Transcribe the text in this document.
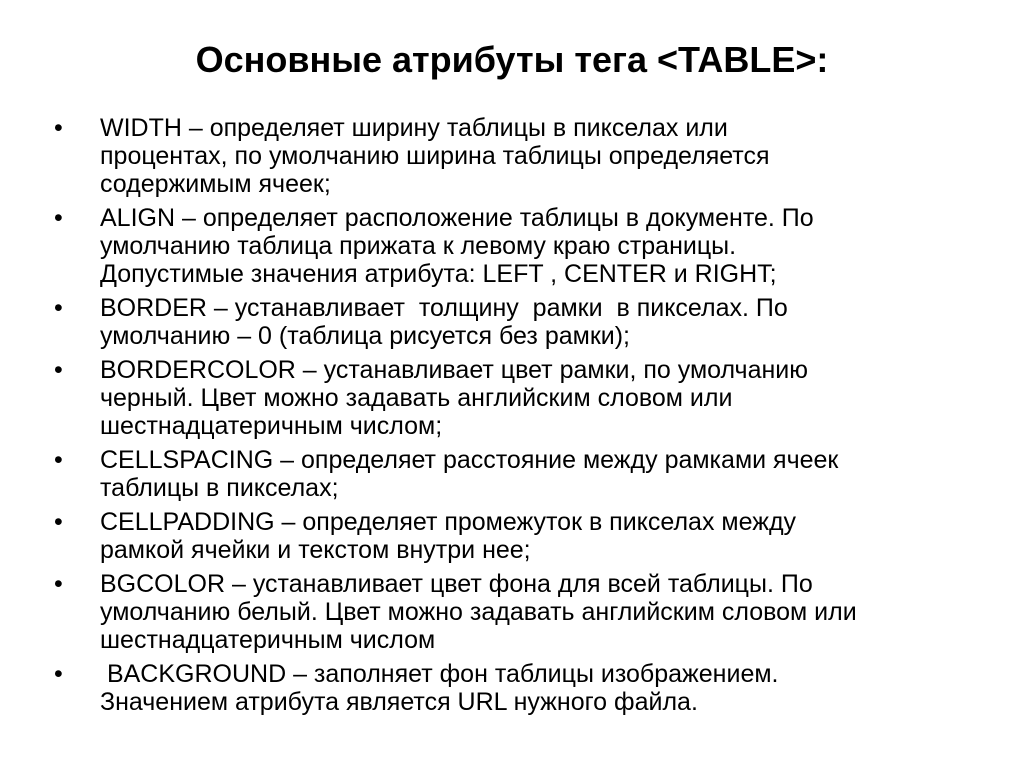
Основные атрибуты тега <TABLE>:
•	WIDTH – определяет ширину таблицы в пикселах или
процентах, по умолчанию ширина таблицы определяется
содержимым ячеек;
•	ALIGN – определяет расположение таблицы в документе. По
умолчанию таблица прижата к левому краю страницы.
Допустимые значения атрибута: LEFT , CENTER и RIGHT;
•	BORDER – устанавливает  толщину  рамки  в пикселах. По
умолчанию – 0 (таблица рисуется без рамки);
•	BORDERCOLOR – устанавливает цвет рамки, по умолчанию
черный. Цвет можно задавать английским словом или
шестнадцатеричным числом;
•	CELLSPACING – определяет расстояние между рамками ячеек
таблицы в пикселах;
•	CELLPADDING – определяет промежуток в пикселах между
рамкой ячейки и текстом внутри нее;
•	BGCOLOR – устанавливает цвет фона для всей таблицы. По
умолчанию белый. Цвет можно задавать английским словом или
шестнадцатеричным числом
•	BACKGROUND – заполняет фон таблицы изображением.
Значением атрибута является URL нужного файла.
